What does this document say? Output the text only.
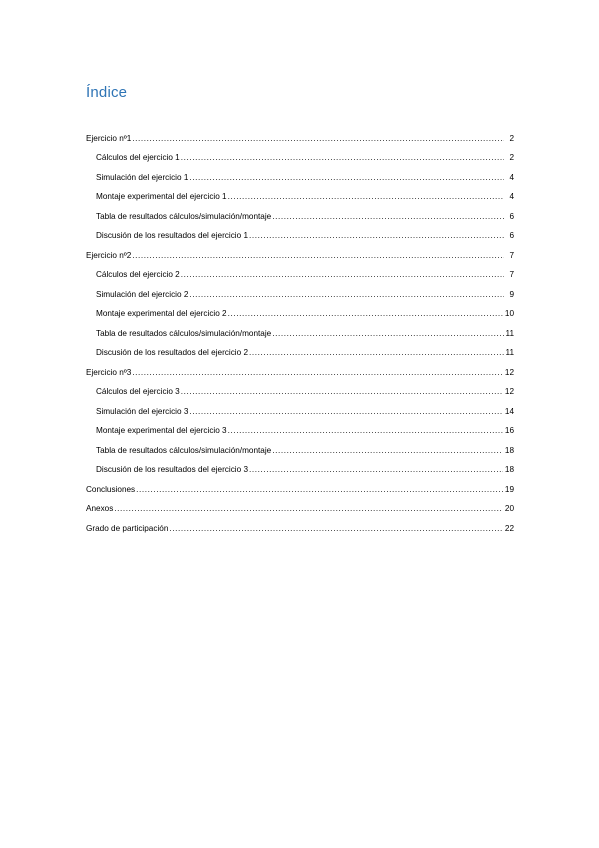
Índice
Ejercicio nº1 .....	2
Cálculos del ejercicio 1 .....	2
Simulación del ejercicio 1 .....	4
Montaje experimental del ejercicio 1 .....	4
Tabla de resultados cálculos/simulación/montaje .....	6
Discusión de los resultados del ejercicio 1 .....	6
Ejercicio nº2 .....	7
Cálculos del ejercicio 2 .....	7
Simulación del ejercicio 2 .....	9
Montaje experimental del ejercicio 2 .....	10
Tabla de resultados cálculos/simulación/montaje .....	11
Discusión de los resultados del ejercicio 2 .....	11
Ejercicio nº3 .....	12
Cálculos del ejercicio 3 .....	12
Simulación del ejercicio 3 .....	14
Montaje experimental del ejercicio 3 .....	16
Tabla de resultados cálculos/simulación/montaje .....	18
Discusión de los resultados del ejercicio 3 .....	18
Conclusiones .....	19
Anexos .....	20
Grado de participación .....	22
